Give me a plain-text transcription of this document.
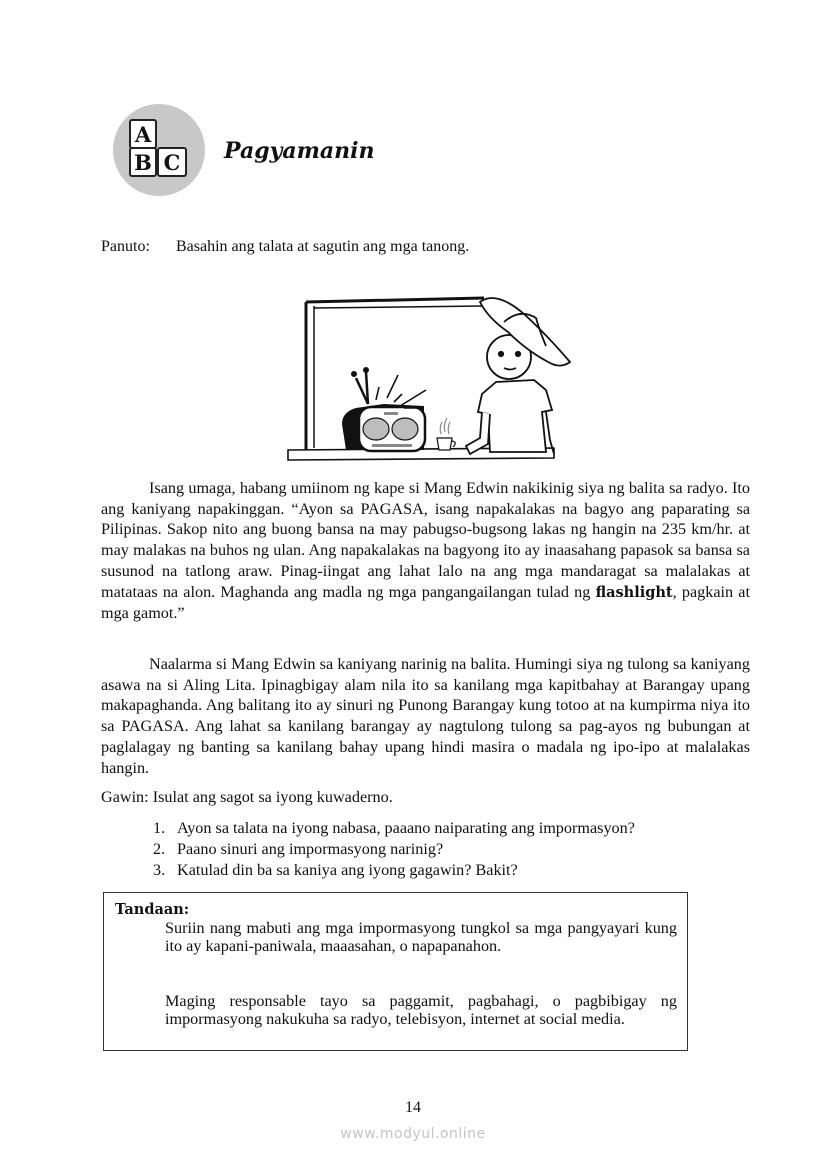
A
B C Pagyamanin
Panuto: Basahin ang talata at sagutin ang mga tanong.

Isang umaga, habang umiinom ng kape si Mang Edwin nakikinig siya ng balita sa radyo. Ito ang kaniyang napakinggan. “Ayon sa PAGASA, isang napakalakas na bagyo ang paparating sa Pilipinas. Sakop nito ang buong bansa na may pabugso-bugsong lakas ng hangin na 235 km/hr. at may malakas na buhos ng ulan. Ang napakalakas na bagyong ito ay inaasahang papasok sa bansa sa susunod na tatlong araw. Pinag-iingat ang lahat lalo na ang mga mandaragat sa malalakas at matataas na alon. Maghanda ang madla ng mga pangangailangan tulad ng flashlight, pagkain at mga gamot.”

Naalarma si Mang Edwin sa kaniyang narinig na balita. Humingi siya ng tulong sa kaniyang asawa na si Aling Lita. Ipinagbigay alam nila ito sa kanilang mga kapitbahay at Barangay upang makapaghanda. Ang balitang ito ay sinuri ng Punong Barangay kung totoo at na kumpirma niya ito sa PAGASA. Ang lahat sa kanilang barangay ay nagtulong tulong sa pag-ayos ng bubungan at paglalagay ng banting sa kanilang bahay upang hindi masira o madala ng ipo-ipo at malalakas hangin.

Gawin: Isulat ang sagot sa iyong kuwaderno.
1. Ayon sa talata na iyong nabasa, paaano naiparating ang impormasyon?
2. Paano sinuri ang impormasyong narinig?
3. Katulad din ba sa kaniya ang iyong gagawin? Bakit?
Tandaan:

Suriin nang mabuti ang mga impormasyong tungkol sa mga pangyayari kung ito ay kapani-paniwala, maaasahan, o napapanahon.

Maging responsable tayo sa paggamit, pagbahagi, o pagbibigay ng impormasyong nakukuha sa radyo, telebisyon, internet at social media.

14
www.modyul.online
